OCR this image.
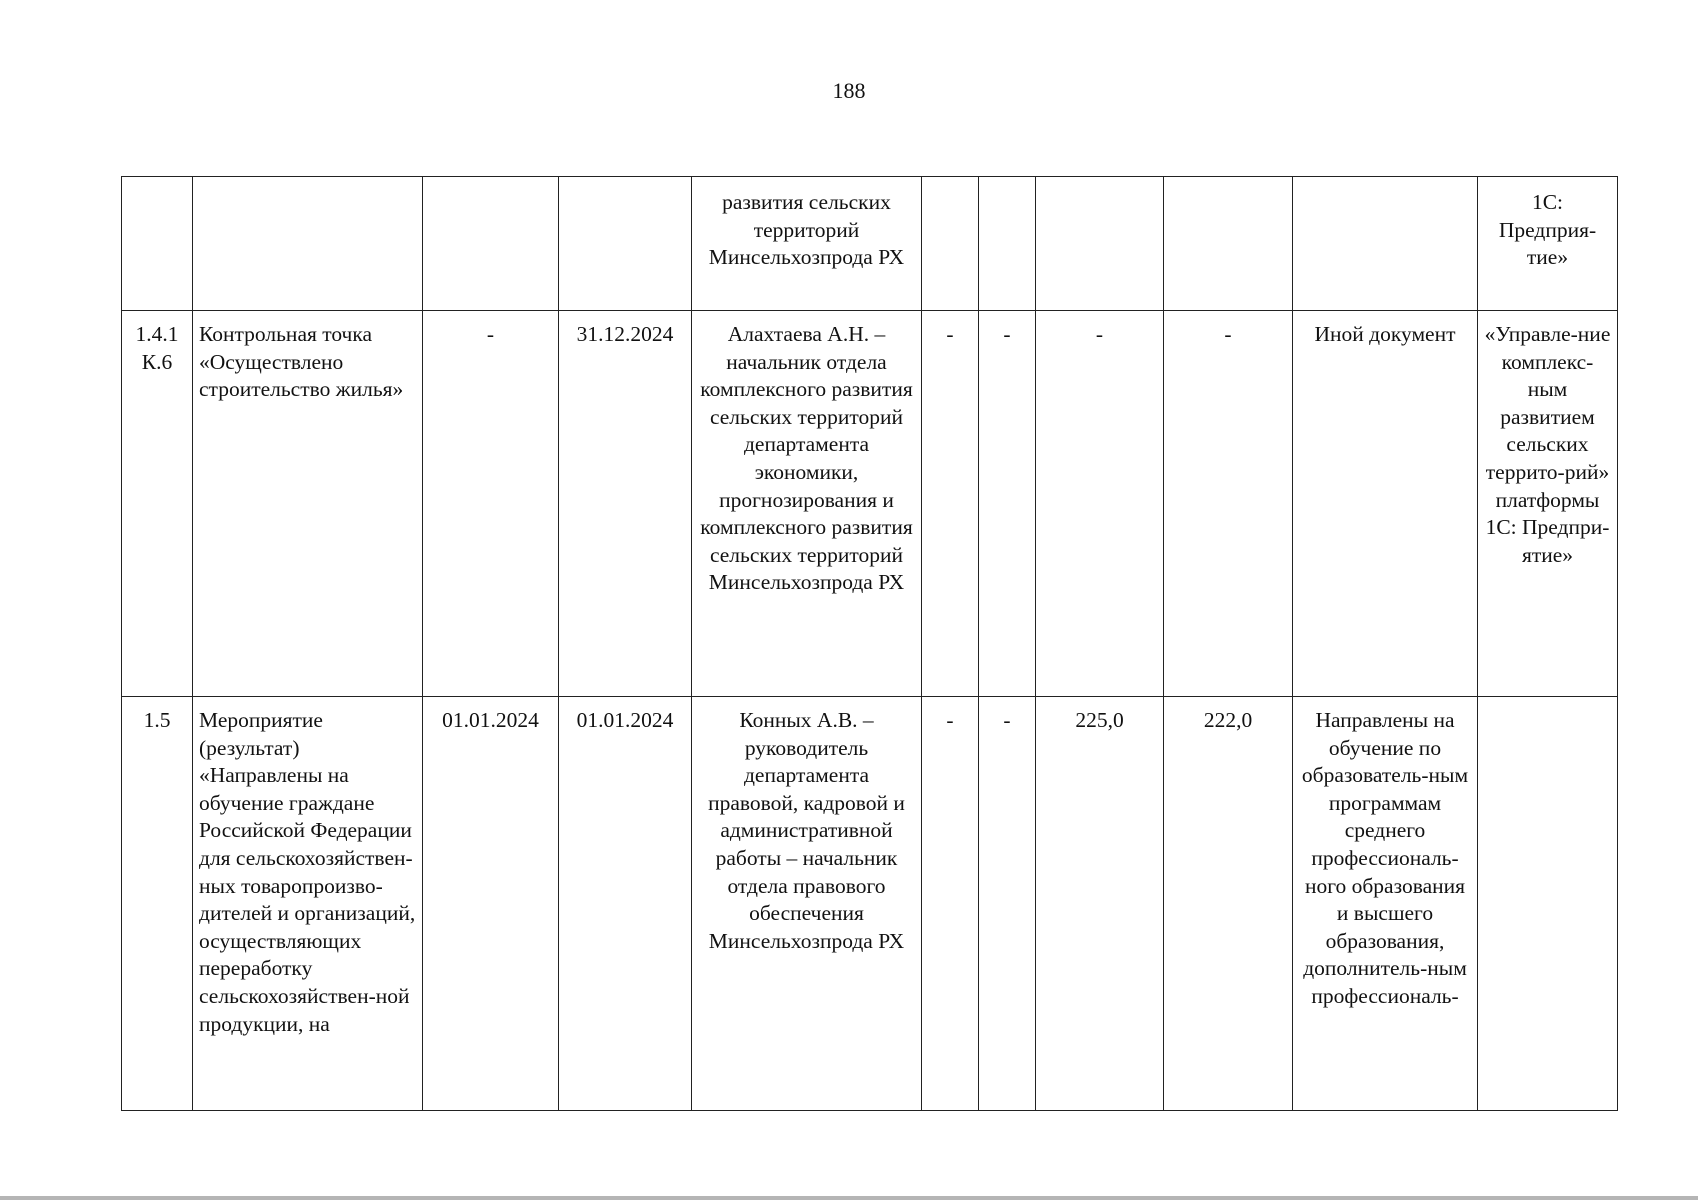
188
				развития сельских территорий Минсельхозпрода РХ						1С: Предприя-тие»
1.4.1 К.6	Контрольная точка «Осуществлено строительство жилья»	-	31.12.2024	Алахтаева А.Н. – начальник отдела комплексного развития сельских территорий департамента экономики, прогнозирования и комплексного развития сельских территорий Минсельхозпрода РХ	-	-	-	-	Иной документ	«Управле-ние комплекс-ным развитием сельских террито-рий» платформы 1С: Предпри-ятие»
1.5	Мероприятие (результат) «Направлены на обучение граждане Российской Федерации для сельскохозяйствен-ных товаропроизво-дителей и организаций, осуществляющих переработку сельскохозяйствен-ной продукции, на	01.01.2024	01.01.2024	Конных А.В. – руководитель департамента правовой, кадровой и административной работы – начальник отдела правового обеспечения Минсельхозпрода РХ	-	-	225,0	222,0	Направлены на обучение по образователь-ным программам среднего профессиональ-ного образования и высшего образования, дополнитель-ным профессиональ-	
